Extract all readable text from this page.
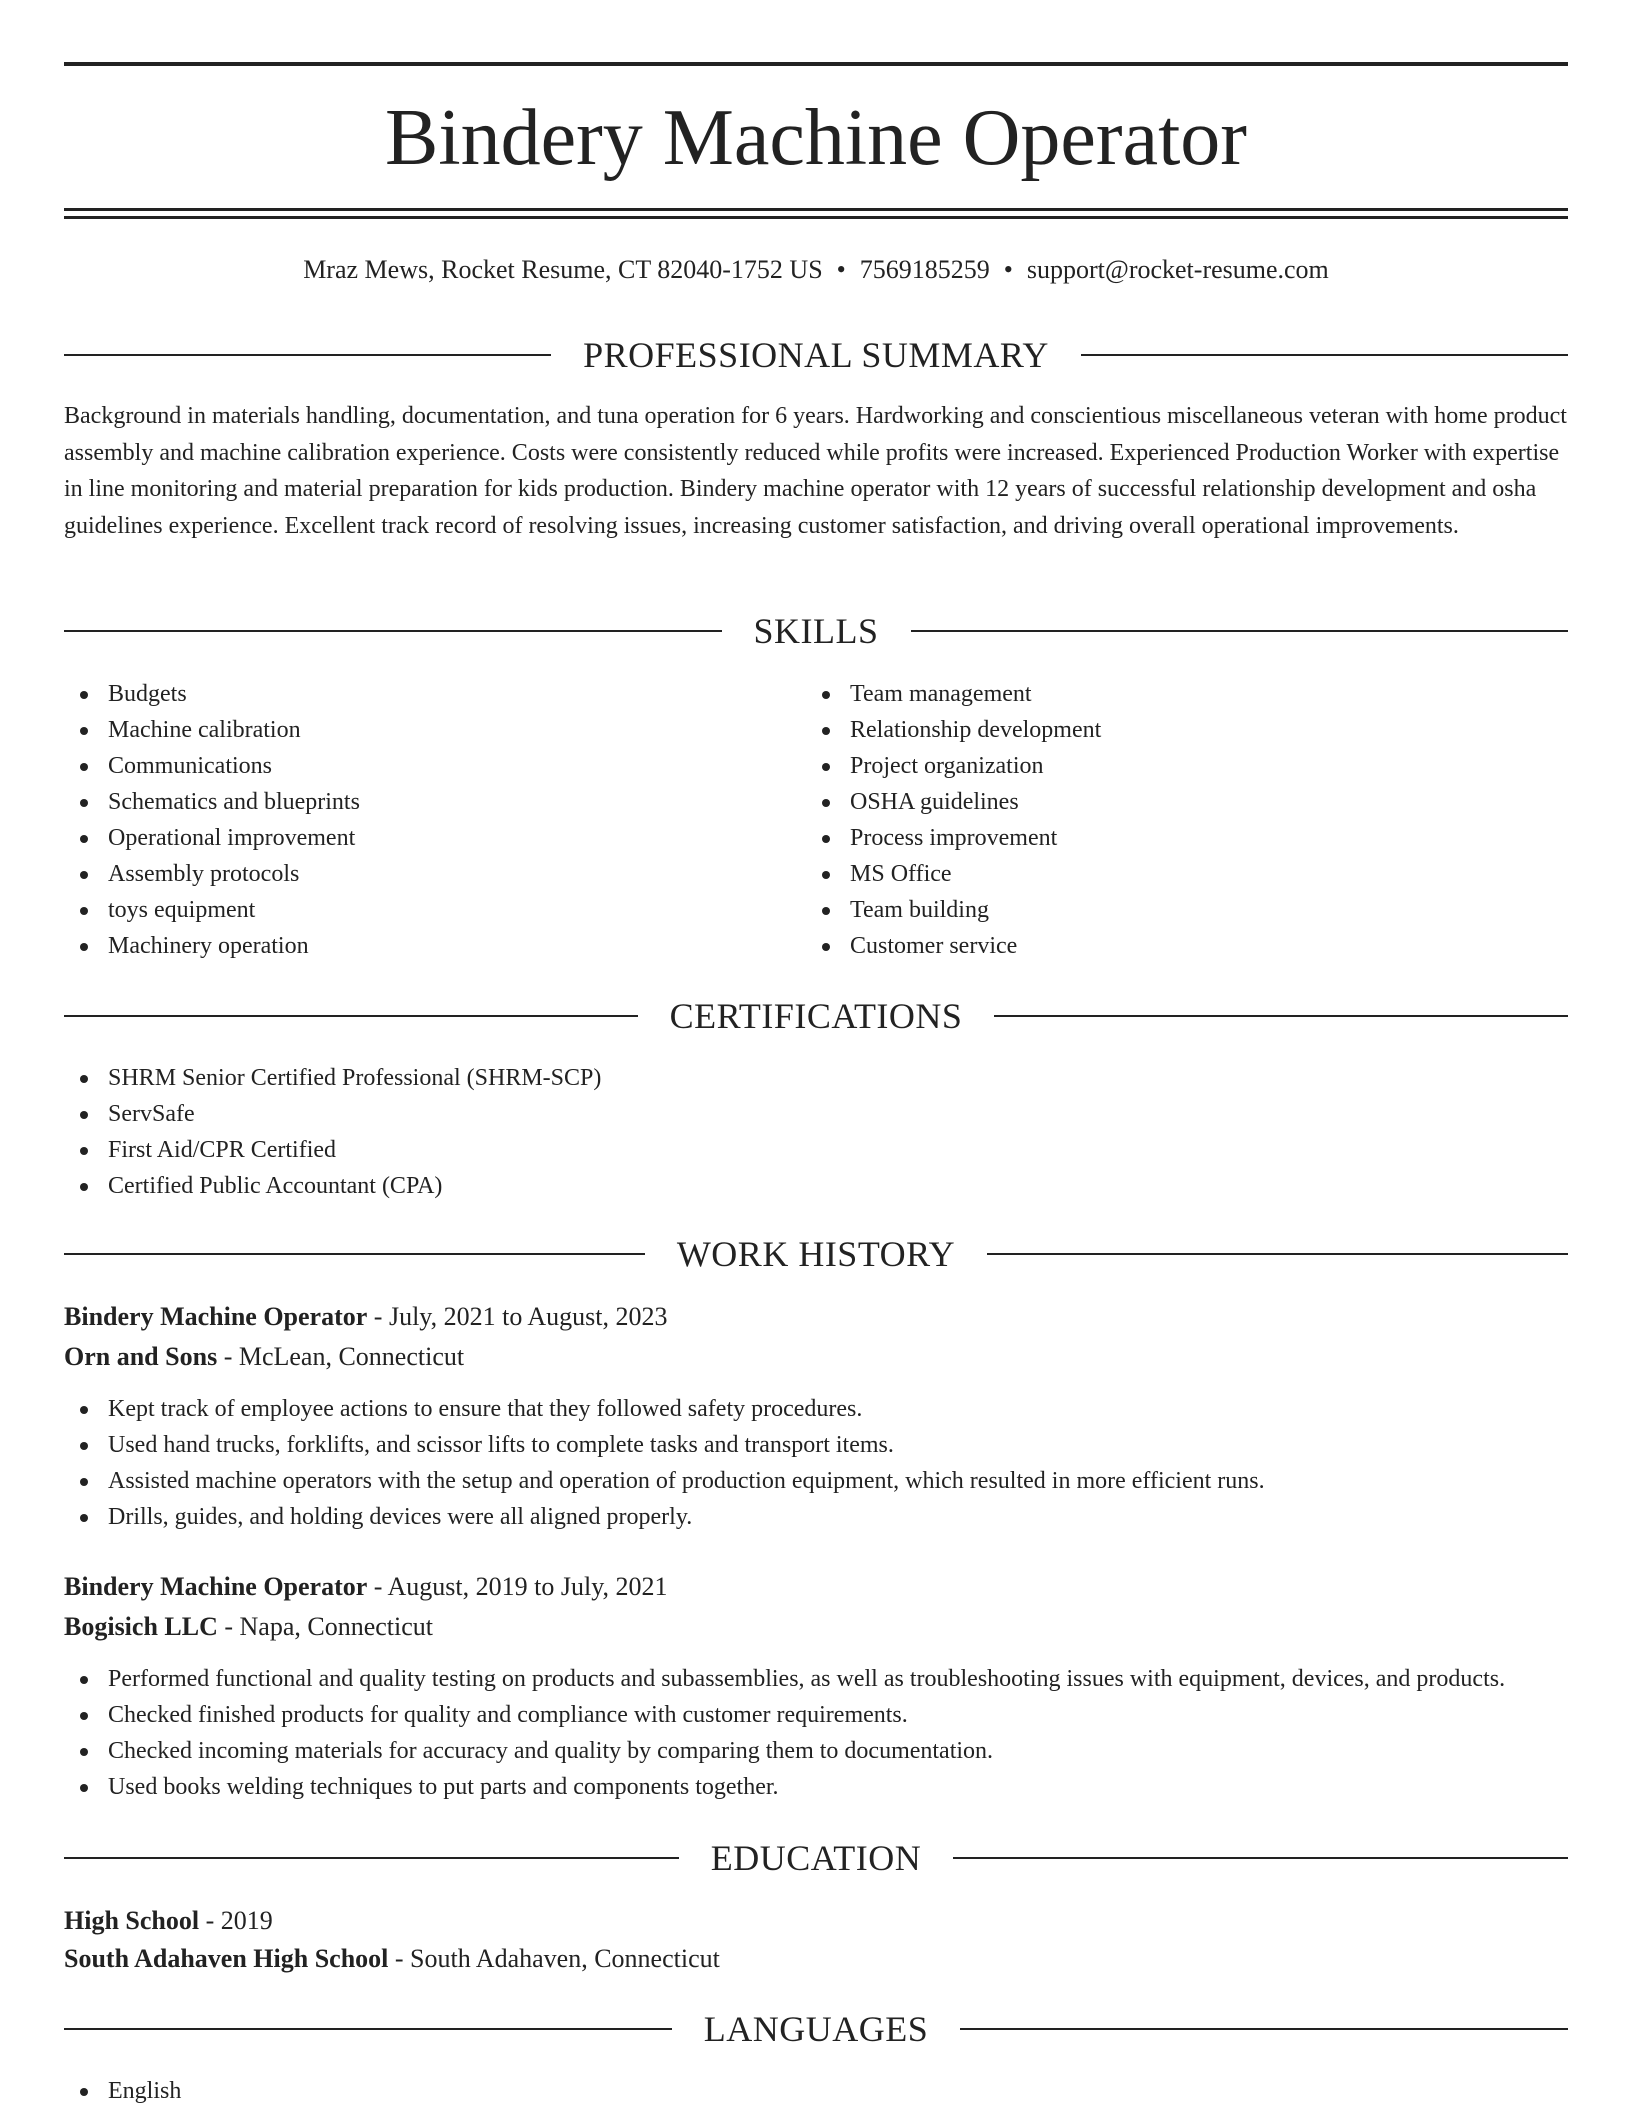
Bindery Machine Operator
Mraz Mews, Rocket Resume, CT 82040-1752 US • 7569185259 • support@rocket-resume.com
PROFESSIONAL SUMMARY

Background in materials handling, documentation, and tuna operation for 6 years. Hardworking and conscientious miscellaneous veteran with home product assembly and machine calibration experience. Costs were consistently reduced while profits were increased. Experienced Production Worker with expertise in line monitoring and material preparation for kids production. Bindery machine operator with 12 years of successful relationship development and osha guidelines experience. Excellent track record of resolving issues, increasing customer satisfaction, and driving overall operational improvements.

SKILLS
Budgets
Machine calibration
Communications
Schematics and blueprints
Operational improvement
Assembly protocols
toys equipment
Machinery operation
Team management
Relationship development
Project organization
OSHA guidelines
Process improvement
MS Office
Team building
Customer service
CERTIFICATIONS
SHRM Senior Certified Professional (SHRM-SCP)
ServSafe
First Aid/CPR Certified
Certified Public Accountant (CPA)
WORK HISTORY
Bindery Machine Operator - July, 2021 to August, 2023
Orn and Sons - McLean, Connecticut
Kept track of employee actions to ensure that they followed safety procedures.
Used hand trucks, forklifts, and scissor lifts to complete tasks and transport items.
Assisted machine operators with the setup and operation of production equipment, which resulted in more efficient runs.
Drills, guides, and holding devices were all aligned properly.
Bindery Machine Operator - August, 2019 to July, 2021
Bogisich LLC - Napa, Connecticut
Performed functional and quality testing on products and subassemblies, as well as troubleshooting issues with equipment, devices, and products.
Checked finished products for quality and compliance with customer requirements.
Checked incoming materials for accuracy and quality by comparing them to documentation.
Used books welding techniques to put parts and components together.
EDUCATION
High School - 2019
South Adahaven High School - South Adahaven, Connecticut
LANGUAGES
English
